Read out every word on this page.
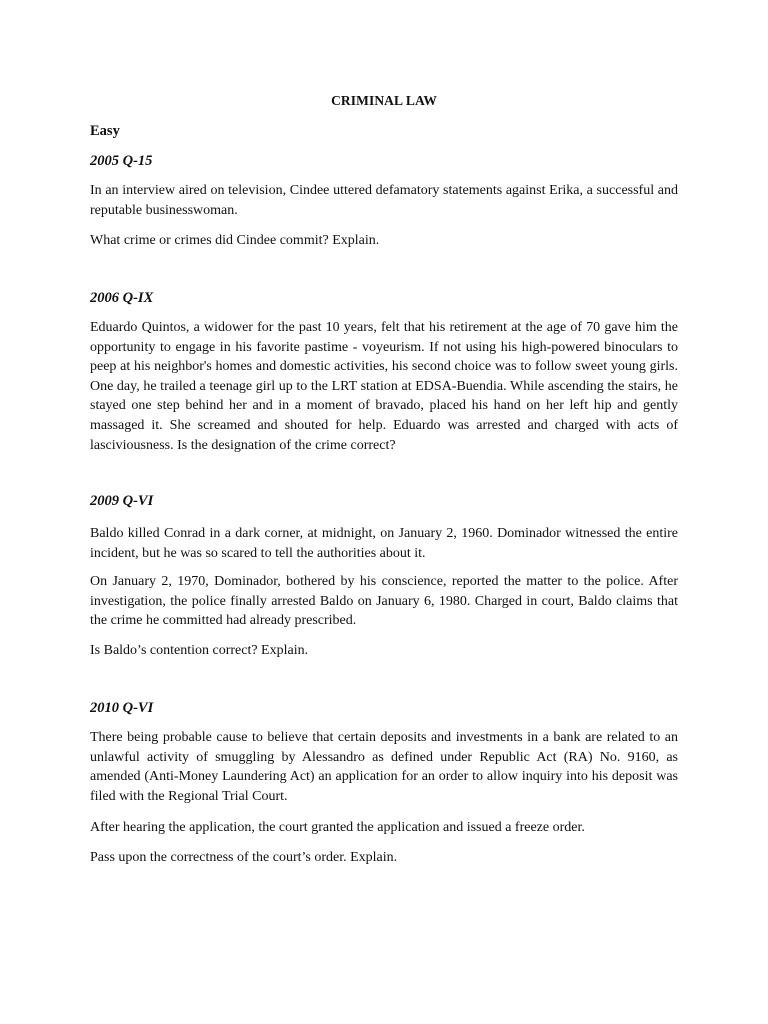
CRIMINAL LAW
Easy
2005 Q-15

In an interview aired on television, Cindee uttered defamatory statements against Erika, a successful and reputable businesswoman.

What crime or crimes did Cindee commit? Explain.

2006 Q-IX

Eduardo Quintos, a widower for the past 10 years, felt that his retirement at the age of 70 gave him the opportunity to engage in his favorite pastime - voyeurism. If not using his high-powered binoculars to peep at his neighbor's homes and domestic activities, his second choice was to follow sweet young girls. One day, he trailed a teenage girl up to the LRT station at EDSA-Buendia. While ascending the stairs, he stayed one step behind her and in a moment of bravado, placed his hand on her left hip and gently massaged it. She screamed and shouted for help. Eduardo was arrested and charged with acts of lasciviousness. Is the designation of the crime correct?

2009 Q-VI

Baldo killed Conrad in a dark corner, at midnight, on January 2, 1960. Dominador witnessed the entire incident, but he was so scared to tell the authorities about it.

On January 2, 1970, Dominador, bothered by his conscience, reported the matter to the police. After investigation, the police finally arrested Baldo on January 6, 1980. Charged in court, Baldo claims that the crime he committed had already prescribed.

Is Baldo’s contention correct? Explain.

2010 Q-VI

There being probable cause to believe that certain deposits and investments in a bank are related to an unlawful activity of smuggling by Alessandro as defined under Republic Act (RA) No. 9160, as amended (Anti-Money Laundering Act) an application for an order to allow inquiry into his deposit was filed with the Regional Trial Court.

After hearing the application, the court granted the application and issued a freeze order.

Pass upon the correctness of the court’s order. Explain.
